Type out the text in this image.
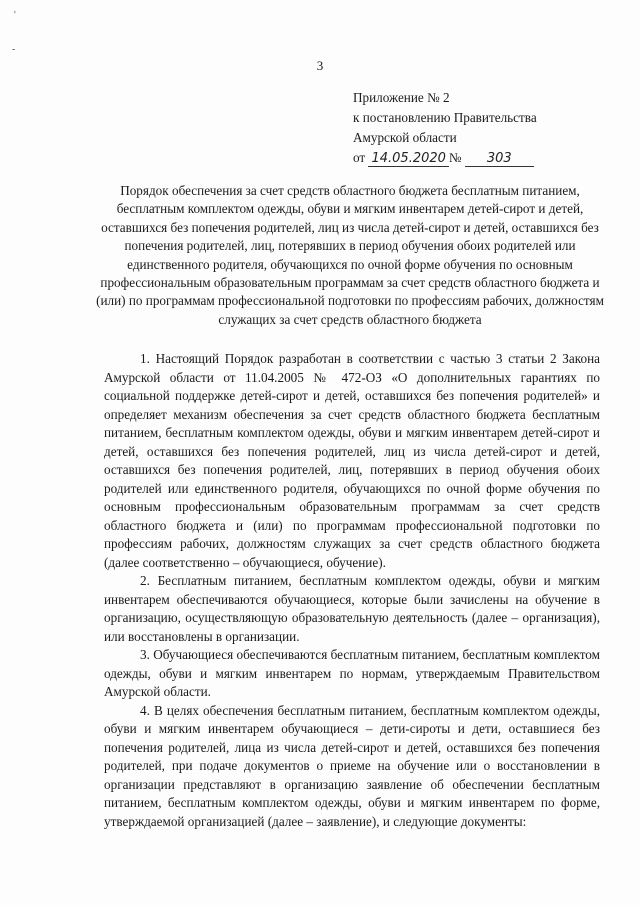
'
-
3
Приложение № 2
к постановлению Правительства
Амурской области
от 14.05.2020 № 303
Порядок обеспечения за счет средств областного бюджета бесплатным питанием, бесплатным комплектом одежды, обуви и мягким инвентарем детей-сирот и детей, оставшихся без попечения родителей, лиц из числа детей-сирот и детей, оставшихся без попечения родителей, лиц, потерявших в период обучения обоих родителей или единственного родителя, обучающихся по очной форме обучения по основным профессиональным образовательным программам за счет средств областного бюджета и (или) по программам профессиональной подготовки по профессиям рабочих, должностям служащих за счет средств областного бюджета

1. Настоящий Порядок разработан в соответствии с частью 3 статьи 2 Закона Амурской области от 11.04.2005 № 472-ОЗ «О дополнительных гарантиях по социальной поддержке детей-сирот и детей, оставшихся без попечения родителей» и определяет механизм обеспечения за счет средств областного бюджета бесплатным питанием, бесплатным комплектом одежды, обуви и мягким инвентарем детей-сирот и детей, оставшихся без попечения родителей, лиц из числа детей-сирот и детей, оставшихся без попечения родителей, лиц, потерявших в период обучения обоих родителей или единственного родителя, обучающихся по очной форме обучения по основным профессиональным образовательным программам за счет средств областного бюджета и (или) по программам профессиональной подготовки по профессиям рабочих, должностям служащих за счет средств областного бюджета (далее соответственно – обучающиеся, обучение).

2. Бесплатным питанием, бесплатным комплектом одежды, обуви и мягким инвентарем обеспечиваются обучающиеся, которые были зачислены на обучение в организацию, осуществляющую образовательную деятельность (далее – организация), или восстановлены в организации.

3. Обучающиеся обеспечиваются бесплатным питанием, бесплатным комплектом одежды, обуви и мягким инвентарем по нормам, утверждаемым Правительством Амурской области.

4. В целях обеспечения бесплатным питанием, бесплатным комплектом одежды, обуви и мягким инвентарем обучающиеся – дети-сироты и дети, оставшиеся без попечения родителей, лица из числа детей-сирот и детей, оставшихся без попечения родителей, при подаче документов о приеме на обучение или о восстановлении в организации представляют в организацию заявление об обеспечении бесплатным питанием, бесплатным комплектом одежды, обуви и мягким инвентарем по форме, утверждаемой организацией (далее – заявление), и следующие документы:
